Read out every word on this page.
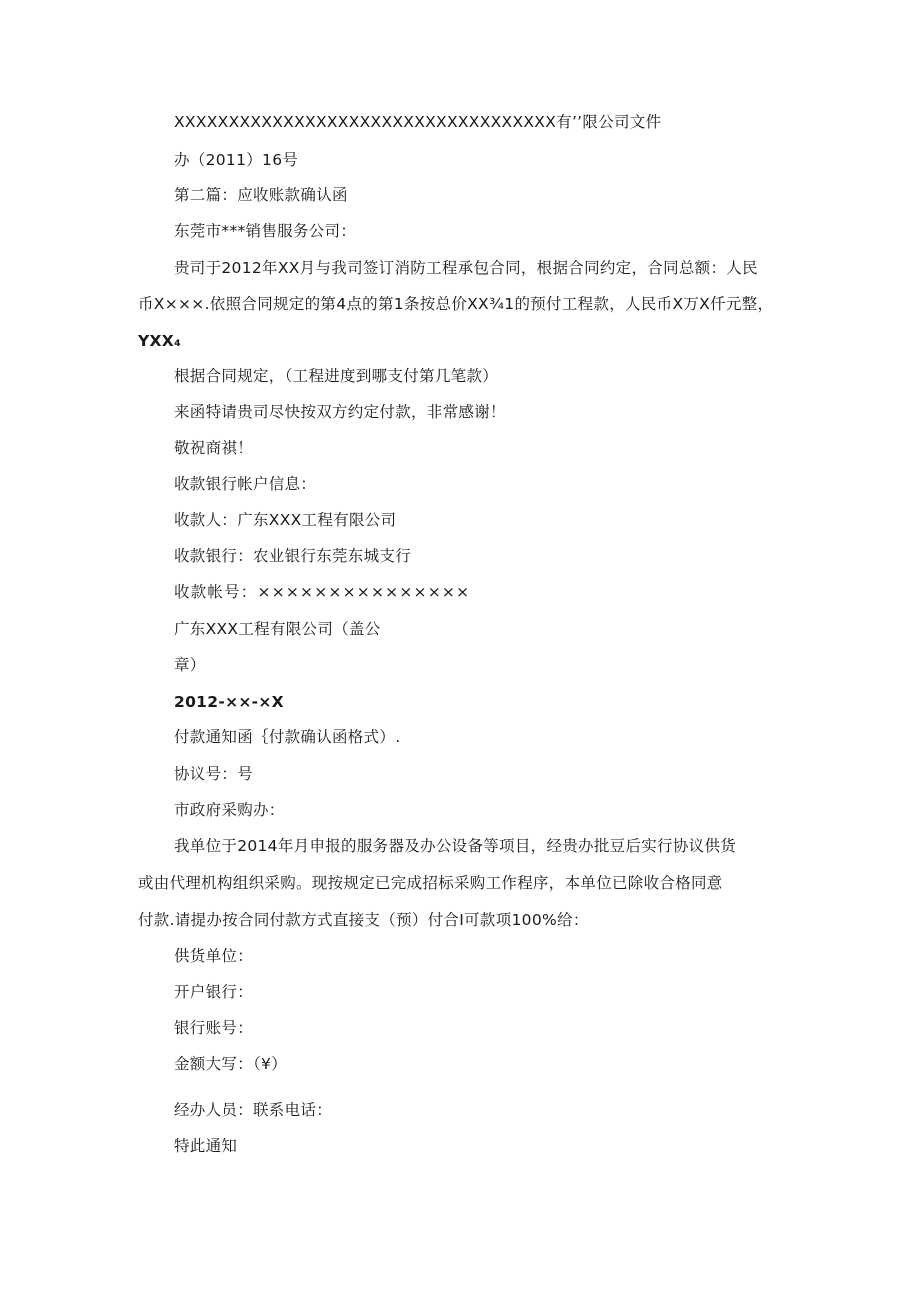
XXXXXXXXXXXXXXXXXXXXXXXXXXXXXXXXXXX有’’限公司文件
办（2011）16号
第二篇：应收账款确认函
东莞市***销售服务公司：
贵司于2012年XX月与我司签订消防工程承包合同，根据合同约定，合同总额：人民
币X×××.依照合同规定的第4点的第1条按总价XX¾1的预付工程款，人民币X万X仟元整，
YXX₄
根据合同规定，（工程进度到哪支付第几笔款）
来函特请贵司尽快按双方约定付款，非常感谢！
敬祝商祺！
收款银行帐户信息：
收款人：广东XXX工程有限公司
收款银行：农业银行东莞东城支行
收款帐号：×××××××××××××××
广东XXX工程有限公司（盖公
章）
2012-××-×X
付款通知函｛付款确认函格式）.
协议号：号
市政府采购办：
我单位于2014年月申报的服务器及办公设备等项目，经贵办批豆后实行协议供货
或由代理机构组织采购。现按规定已完成招标采购工作程序，本单位已除收合格同意
付款.请提办按合同付款方式直接支（预）付合I可款项100%给：
供货单位：
开户银行：
银行账号：
金额大写：（¥）
经办人员：联系电话：
特此通知
